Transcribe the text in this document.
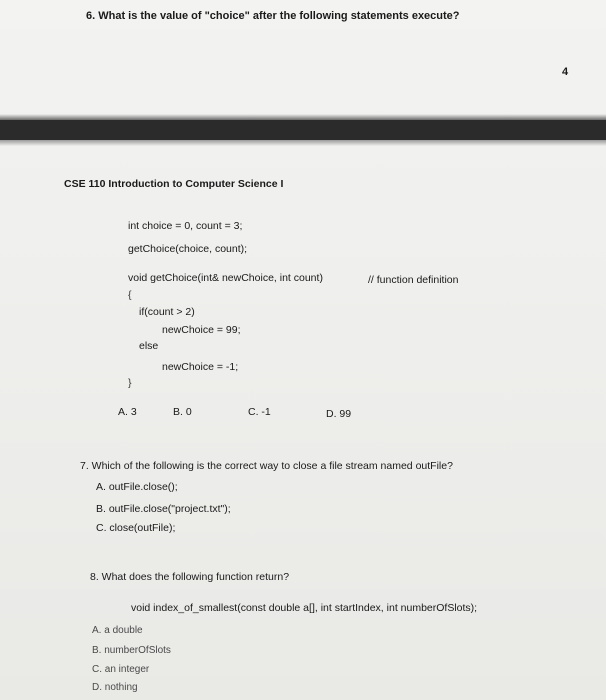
6. What is the value of "choice" after the following statements execute?
4
CSE 110 Introduction to Computer Science I
int choice = 0, count = 3;
getChoice(choice, count);
void getChoice(int& newChoice, int count)	// function definition
{
if(count > 2)
newChoice = 99;
else
newChoice = -1;
}
A. 3	B. 0	C. -1	D. 99
7. Which of the following is the correct way to close a file stream named outFile?
A. outFile.close();
B. outFile.close("project.txt");
C. close(outFile);
8. What does the following function return?
void index_of_smallest(const double a[], int startIndex, int numberOfSlots);
A. a double
B. numberOfSlots
C. an integer
D. nothing
